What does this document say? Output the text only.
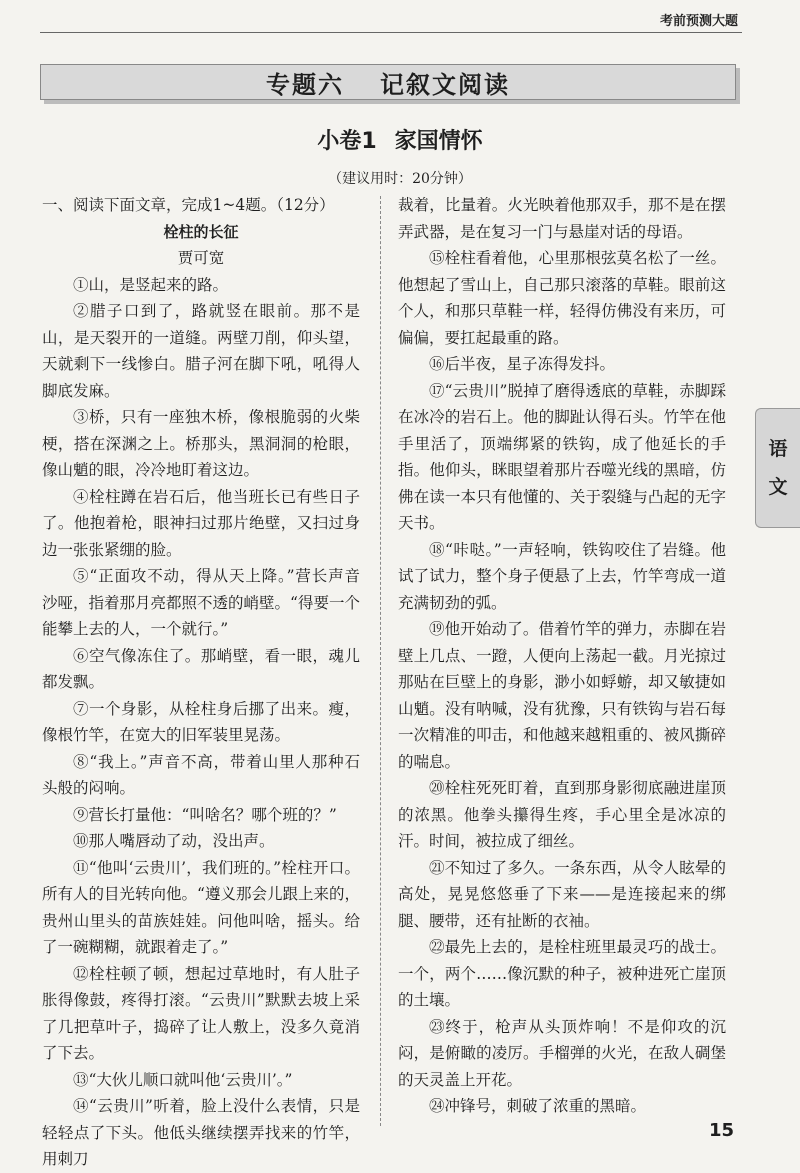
考前预测大题
专题六 记叙文阅读
小卷1 家国情怀
（建议用时：20分钟）

一、阅读下面文章，完成1~4题。（12分）

栓柱的长征

贾可宽

①山，是竖起来的路。

②腊子口到了，路就竖在眼前。那不是山，是天裂开的一道缝。两壁刀削，仰头望，天就剩下一线惨白。腊子河在脚下吼，吼得人脚底发麻。

③桥，只有一座独木桥，像根脆弱的火柴梗，搭在深渊之上。桥那头，黑洞洞的枪眼，像山魈的眼，冷冷地盯着这边。

④栓柱蹲在岩石后，他当班长已有些日子了。他抱着枪，眼神扫过那片绝壁，又扫过身边一张张紧绷的脸。

⑤“正面攻不动，得从天上降。”营长声音沙哑，指着那月亮都照不透的峭壁。“得要一个能攀上去的人，一个就行。”

⑥空气像冻住了。那峭壁，看一眼，魂儿都发飘。

⑦一个身影，从栓柱身后挪了出来。瘦，像根竹竿，在宽大的旧军装里晃荡。

⑧“我上。”声音不高，带着山里人那种石头般的闷响。

⑨营长打量他：“叫啥名？哪个班的？”

⑩那人嘴唇动了动，没出声。

⑪“他叫‘云贵川’，我们班的。”栓柱开口。所有人的目光转向他。“遵义那会儿跟上来的，贵州山里头的苗族娃娃。问他叫啥，摇头。给了一碗糊糊，就跟着走了。”

⑫栓柱顿了顿，想起过草地时，有人肚子胀得像鼓，疼得打滚。“云贵川”默默去坡上采了几把草叶子，捣碎了让人敷上，没多久竟消了下去。

⑬“大伙儿顺口就叫他‘云贵川’。”

⑭“云贵川”听着，脸上没什么表情，只是轻轻点了下头。他低头继续摆弄找来的竹竿，用刺刀

裁着，比量着。火光映着他那双手，那不是在摆弄武器，是在复习一门与悬崖对话的母语。

⑮栓柱看着他，心里那根弦莫名松了一丝。他想起了雪山上，自己那只滚落的草鞋。眼前这个人，和那只草鞋一样，轻得仿佛没有来历，可偏偏，要扛起最重的路。

⑯后半夜，星子冻得发抖。

⑰“云贵川”脱掉了磨得透底的草鞋，赤脚踩在冰冷的岩石上。他的脚趾认得石头。竹竿在他手里活了，顶端绑紧的铁钩，成了他延长的手指。他仰头，眯眼望着那片吞噬光线的黑暗，仿佛在读一本只有他懂的、关于裂缝与凸起的无字天书。

⑱“咔哒。”一声轻响，铁钩咬住了岩缝。他试了试力，整个身子便悬了上去，竹竿弯成一道充满韧劲的弧。

⑲他开始动了。借着竹竿的弹力，赤脚在岩壁上几点、一蹬，人便向上荡起一截。月光掠过那贴在巨壁上的身影，渺小如蜉蝣，却又敏捷如山魈。没有呐喊，没有犹豫，只有铁钩与岩石每一次精准的叩击，和他越来越粗重的、被风撕碎的喘息。

⑳栓柱死死盯着，直到那身影彻底融进崖顶的浓黑。他拳头攥得生疼，手心里全是冰凉的汗。时间，被拉成了细丝。

㉑不知过了多久。一条东西，从令人眩晕的高处，晃晃悠悠垂了下来——是连接起来的绑腿、腰带，还有扯断的衣袖。

㉒最先上去的，是栓柱班里最灵巧的战士。一个，两个……像沉默的种子，被种进死亡崖顶的土壤。

㉓终于，枪声从头顶炸响！不是仰攻的沉闷，是俯瞰的凌厉。手榴弹的火光，在敌人碉堡的天灵盖上开花。

㉔冲锋号，刺破了浓重的黑暗。

语
文
15
